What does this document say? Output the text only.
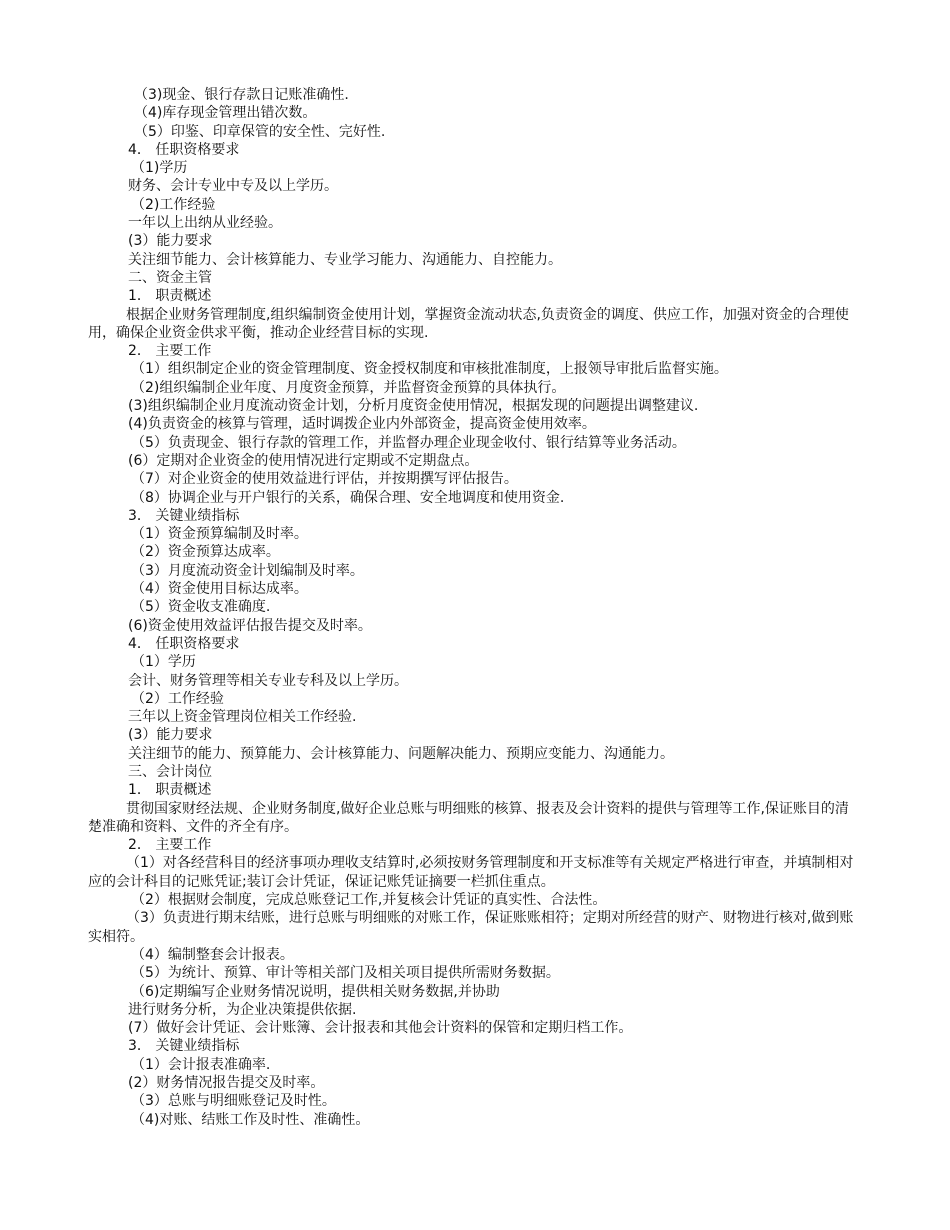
（3)现金、银行存款日记账准确性.
（4)库存现金管理出错次数。
（5）印鉴、印章保管的安全性、完好性.
4． 任职资格要求
（1)学历
财务、会计专业中专及以上学历。
（2)工作经验
一年以上出纳从业经验。
(3）能力要求
关注细节能力、会计核算能力、专业学习能力、沟通能力、自控能力。
二、资金主管
1． 职责概述
根据企业财务管理制度,组织编制资金使用计划，掌握资金流动状态,负责资金的调度、供应工作，加强对资金的合理使用，确保企业资金供求平衡，推动企业经营目标的实现.
2． 主要工作
（1）组织制定企业的资金管理制度、资金授权制度和审核批准制度，上报领导审批后监督实施。
（2)组织编制企业年度、月度资金预算，并监督资金预算的具体执行。
(3)组织编制企业月度流动资金计划，分析月度资金使用情况，根据发现的问题提出调整建议.
(4)负责资金的核算与管理，适时调拨企业内外部资金，提高资金使用效率。
（5）负责现金、银行存款的管理工作，并监督办理企业现金收付、银行结算等业务活动。
(6）定期对企业资金的使用情况进行定期或不定期盘点。
（7）对企业资金的使用效益进行评估，并按期撰写评估报告。
（8）协调企业与开户银行的关系，确保合理、安全地调度和使用资金.
3． 关键业绩指标
（1）资金预算编制及时率。
（2）资金预算达成率。
（3）月度流动资金计划编制及时率。
（4）资金使用目标达成率。
（5）资金收支准确度.
(6)资金使用效益评估报告提交及时率。
4． 任职资格要求
（1）学历
会计、财务管理等相关专业专科及以上学历。
（2）工作经验
三年以上资金管理岗位相关工作经验.
(3）能力要求
关注细节的能力、预算能力、会计核算能力、问题解决能力、预期应变能力、沟通能力。
三、会计岗位
1． 职责概述
贯彻国家财经法规、企业财务制度,做好企业总账与明细账的核算、报表及会计资料的提供与管理等工作,保证账目的清楚准确和资料、文件的齐全有序。
2． 主要工作
（1）对各经营科目的经济事项办理收支结算时,必须按财务管理制度和开支标准等有关规定严格进行审查，并填制相对应的会计科目的记账凭证;装订会计凭证，保证记账凭证摘要一栏抓住重点。
（2）根据财会制度，完成总账登记工作,并复核会计凭证的真实性、合法性。
（3）负责进行期末结账，进行总账与明细账的对账工作，保证账账相符；定期对所经营的财产、财物进行核对,做到账实相符。
（4）编制整套会计报表。
（5）为统计、预算、审计等相关部门及相关项目提供所需财务数据。
（6)定期编写企业财务情况说明，提供相关财务数据,并协助
进行财务分析，为企业决策提供依据.
(7）做好会计凭证、会计账簿、会计报表和其他会计资料的保管和定期归档工作。
3． 关键业绩指标
（1）会计报表准确率.
(2）财务情况报告提交及时率。
（3）总账与明细账登记及时性。
（4)对账、结账工作及时性、准确性。
